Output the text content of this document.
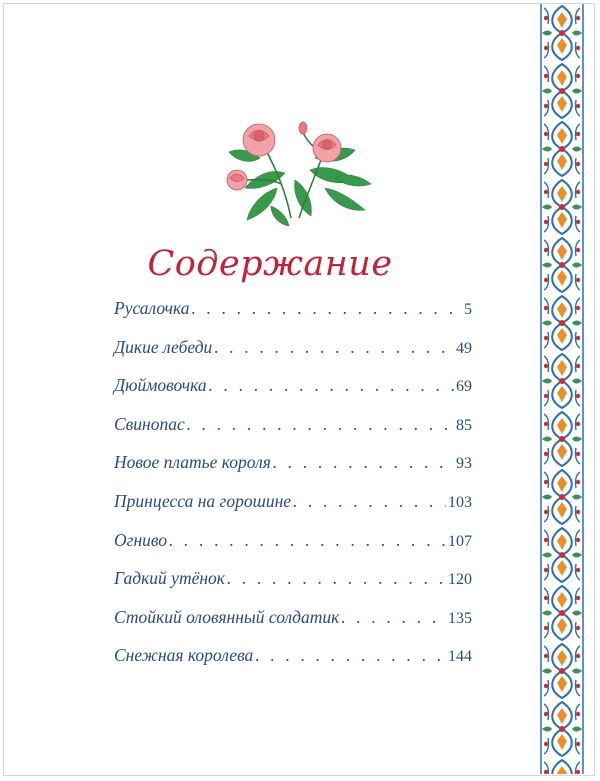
Содержание
Русалочка . . .	5
Дикие лебеди . . .	49
Дюймовочка . . .	69
Свинопас . . .	85
Новое платье короля . . .	93
Принцесса на горошине . . .	103
Огниво . . .	107
Гадкий утёнок . . .	120
Стойкий оловянный солдатик . . .	135
Снежная королева . . .	144
